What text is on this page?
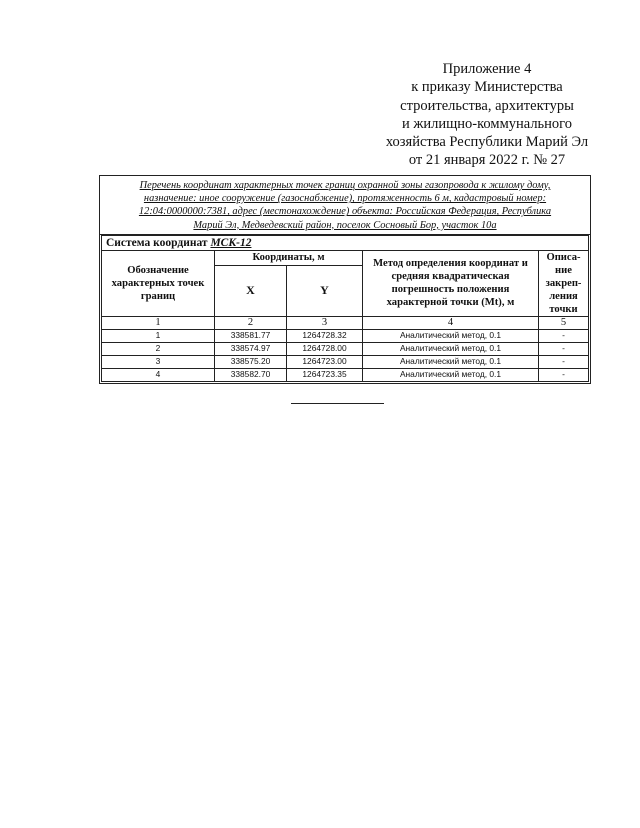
Приложение 4
к приказу Министерства
строительства, архитектуры
и жилищно-коммунального
хозяйства Республики Марий Эл
от 21 января 2022 г. № 27
Перечень координат характерных точек границ охранной зоны газопровода к жилому дому,
назначение: иное сооружение (газоснабжение), протяженность 6 м, кадастровый номер:
12:04:0000000:7381, адрес (местонахождение) объекта: Российская Федерация, Республика
Марий Эл, Медведевский район, поселок Сосновый Бор, участок 10а
Система координат МСК-12				
Обозначение характерных точек границ	Координаты, м		Метод определения координат и средняя квадратическая погрешность положения характерной точки (Mt), м	Описа-ние закреп-ления точки
	X	Y		
1	2	3	4	5
1	338581.77	1264728.32	Аналитический метод, 0.1	-
2	338574.97	1264728.00	Аналитический метод, 0.1	-
3	338575.20	1264723.00	Аналитический метод, 0.1	-
4	338582.70	1264723.35	Аналитический метод, 0.1	-
